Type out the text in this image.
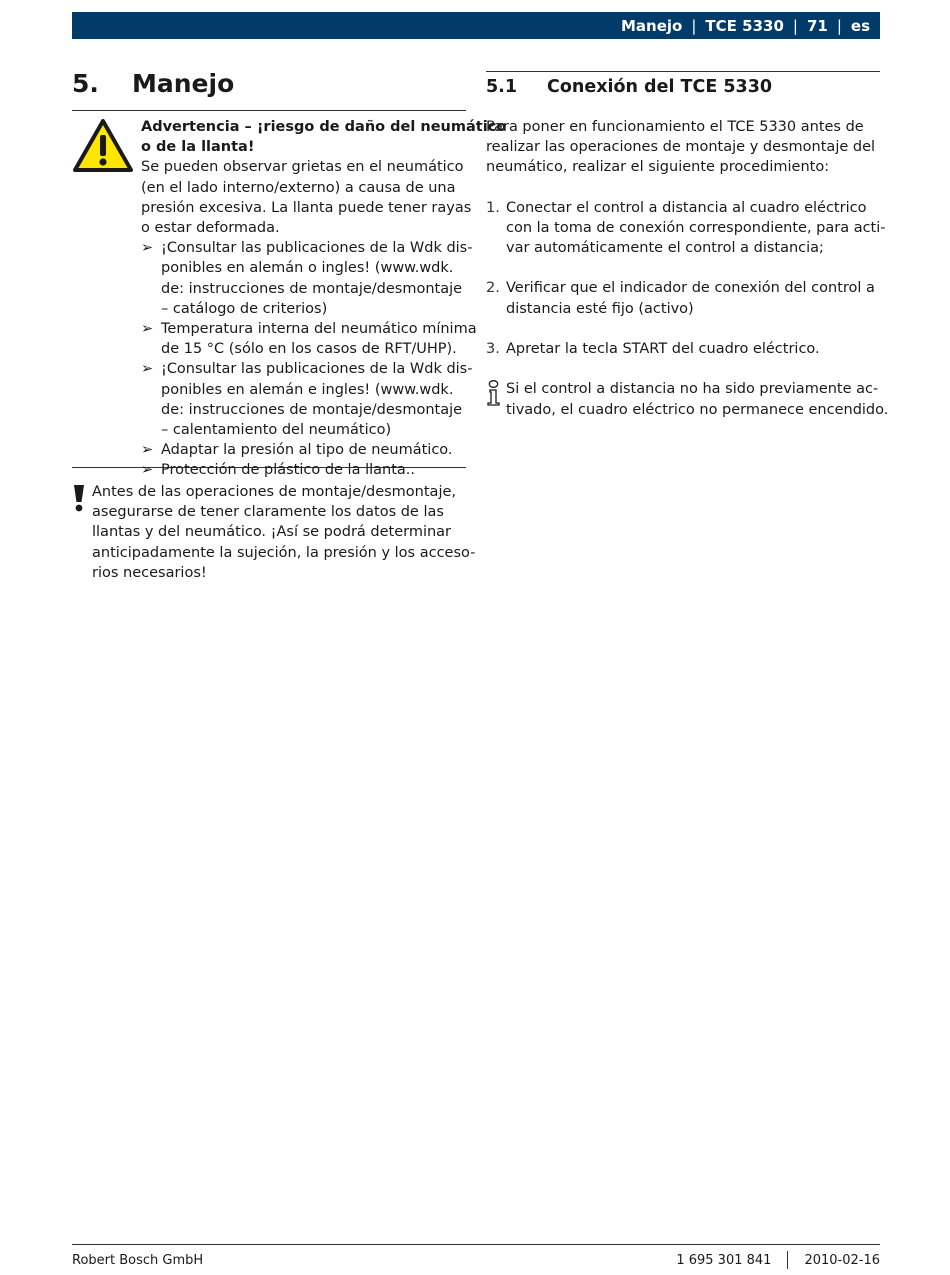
Manejo | TCE 5330 | 71 | es
5.	Manejo
Advertencia – ¡riesgo de daño del neumático
o de la llanta!
Se pueden observar grietas en el neumático
(en el lado interno/externo) a causa de una
presión excesiva. La llanta puede tener rayas
o estar deformada.
➢ ¡Consultar las publicaciones de la Wdk dis-
ponibles en alemán o ingles! (www.wdk.
de: instrucciones de montaje/desmontaje
– catálogo de criterios)
➢ Temperatura interna del neumático mínima
de 15 °C (sólo en los casos de RFT/UHP).
➢ ¡Consultar las publicaciones de la Wdk dis-
ponibles en alemán e ingles! (www.wdk.
de: instrucciones de montaje/desmontaje
– calentamiento del neumático)
➢ Adaptar la presión al tipo de neumático.
➢ Protección de plástico de la llanta..
Antes de las operaciones de montaje/desmontaje,
asegurarse de tener claramente los datos de las
llantas y del neumático. ¡Así se podrá determinar
anticipadamente la sujeción, la presión y los acceso-
rios necesarios!
5.1	Conexión del TCE 5330
Para poner en funcionamiento el TCE 5330 antes de
realizar las operaciones de montaje y desmontaje del
neumático, realizar el siguiente procedimiento:
1. Conectar el control a distancia al cuadro eléctrico
con la toma de conexión correspondiente, para acti-
var automáticamente el control a distancia;
2. Verificar que el indicador de conexión del control a
distancia esté fijo (activo)
3. Apretar la tecla START del cuadro eléctrico.
Si el control a distancia no ha sido previamente ac-
tivado, el cuadro eléctrico no permanece encendido.
Robert Bosch GmbH	1 695 301 841	2010-02-16
